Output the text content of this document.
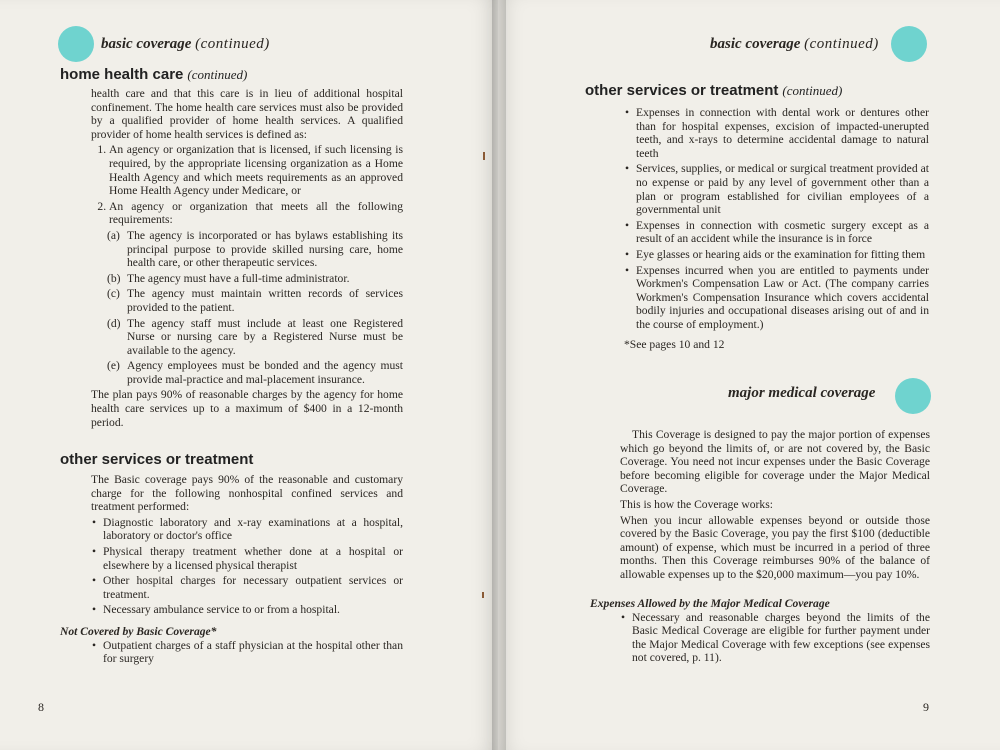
basic coverage (continued)
home health care (continued)

health care and that this care is in lieu of additional hospital confinement. The home health care services must also be provided by a qualified provider of home health services. A qualified provider of home health services is defined as:

1. An agency or organization that is licensed, if such licensing is required, by the appropriate licensing organization as a Home Health Agency and which meets requirements as an approved Home Health Agency under Medicare, or
2. An agency or organization that meets all the following requirements:
(a) The agency is incorporated or has bylaws establishing its principal purpose to provide skilled nursing care, home health care, or other therapeutic services.
(b) The agency must have a full-time administrator.
(c) The agency must maintain written records of services provided to the patient.
(d) The agency staff must include at least one Registered Nurse or nursing care by a Registered Nurse must be available to the agency.
(e) Agency employees must be bonded and the agency must provide mal-practice and mal-placement insurance.

The plan pays 90% of reasonable charges by the agency for home health care services up to a maximum of $400 in a 12-month period.

other services or treatment

The Basic coverage pays 90% of the reasonable and customary charge for the following nonhospital confined services and treatment performed:

• Diagnostic laboratory and x-ray examinations at a hospital, laboratory or doctor's office
• Physical therapy treatment whether done at a hospital or elsewhere by a licensed physical therapist
• Other hospital charges for necessary outpatient services or treatment.
• Necessary ambulance service to or from a hospital.
Not Covered by Basic Coverage*
• Outpatient charges of a staff physician at the hospital other than for surgery
8
basic coverage (continued)
other services or treatment (continued)
• Expenses in connection with dental work or dentures other than for hospital expenses, excision of impacted-unerupted teeth, and x-rays to determine accidental damage to natural teeth
• Services, supplies, or medical or surgical treatment provided at no expense or paid by any level of government other than a plan or program established for civilian employees of a governmental unit
• Expenses in connection with cosmetic surgery except as a result of an accident while the insurance is in force
• Eye glasses or hearing aids or the examination for fitting them
• Expenses incurred when you are entitled to payments under Workmen's Compensation Law or Act. (The company carries Workmen's Compensation Insurance which covers accidental bodily injuries and occupational diseases arising out of and in the course of employment.)

*See pages 10 and 12

major medical coverage

This Coverage is designed to pay the major portion of expenses which go beyond the limits of, or are not covered by, the Basic Coverage. You need not incur expenses under the Basic Coverage before becoming eligible for coverage under the Major Medical Coverage.

This is how the Coverage works:

When you incur allowable expenses beyond or outside those covered by the Basic Coverage, you pay the first $100 (deductible amount) of expense, which must be incurred in a period of three months. Then this Coverage reimburses 90% of the balance of allowable expenses up to the $20,000 maximum—you pay 10%.

Expenses Allowed by the Major Medical Coverage
• Necessary and reasonable charges beyond the limits of the Basic Medical Coverage are eligible for further payment under the Major Medical Coverage with few exceptions (see expenses not covered, p. 11).
9
